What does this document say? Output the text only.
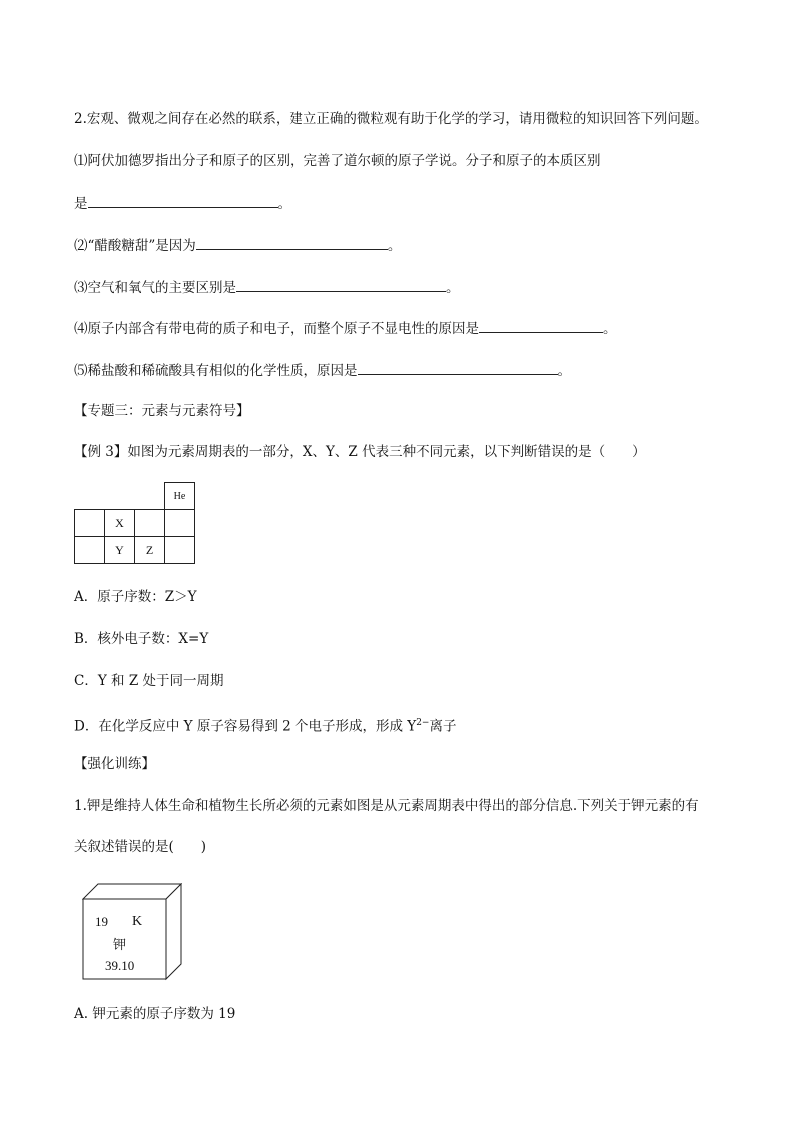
2.宏观、微观之间存在必然的联系，建立正确的微粒观有助于化学的学习，请用微粒的知识回答下列问题。
⑴阿伏加德罗指出分子和原子的区别，完善了道尔顿的原子学说。分子和原子的本质区别
是	。
⑵“醋酸糖甜”是因为	。
⑶空气和氧气的主要区别是	。
⑷原子内部含有带电荷的质子和电子，而整个原子不显电性的原因是	。
⑸稀盐酸和稀硫酸具有相似的化学性质，原因是	。
【专题三：元素与元素符号】
【例 3】如图为元素周期表的一部分，X、Y、Z 代表三种不同元素，以下判断错误的是（　　）
			He
	X		
	Y	Z	
A．原子序数：Z＞Y
B．核外电子数：X=Y
C．Y 和 Z 处于同一周期
D．在化学反应中 Y 原子容易得到 2 个电子形成，形成 $Y^{2-}$离子
【强化训练】
1.钾是维持人体生命和植物生长所必须的元素如图是从元素周期表中得出的部分信息.下列关于钾元素的有
关叙述错误的是(　　)
19 K
钾
39.10
A. 钾元素的原子序数为 19
